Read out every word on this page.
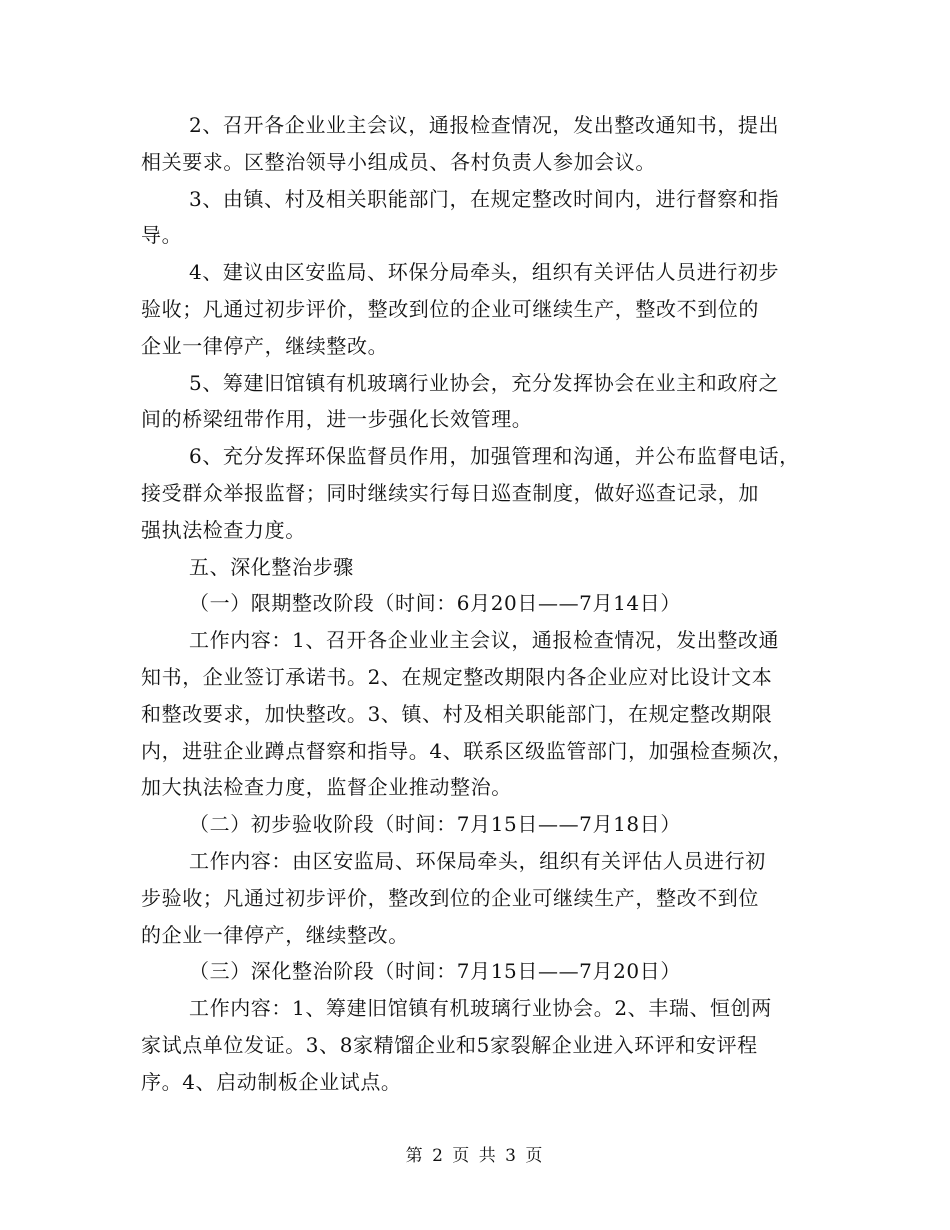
2、召开各企业业主会议，通报检查情况，发出整改通知书，提出
相关要求。区整治领导小组成员、各村负责人参加会议。
3、由镇、村及相关职能部门，在规定整改时间内，进行督察和指
导。
4、建议由区安监局、环保分局牵头，组织有关评估人员进行初步
验收；凡通过初步评价，整改到位的企业可继续生产，整改不到位的
企业一律停产，继续整改。
5、筹建旧馆镇有机玻璃行业协会，充分发挥协会在业主和政府之
间的桥梁纽带作用，进一步强化长效管理。
6、充分发挥环保监督员作用，加强管理和沟通，并公布监督电话，
接受群众举报监督；同时继续实行每日巡查制度，做好巡查记录，加
强执法检查力度。
五、深化整治步骤
（一）限期整改阶段（时间：6月20日——7月14日）
工作内容：1、召开各企业业主会议，通报检查情况，发出整改通
知书，企业签订承诺书。2、在规定整改期限内各企业应对比设计文本
和整改要求，加快整改。3、镇、村及相关职能部门，在规定整改期限
内，进驻企业蹲点督察和指导。4、联系区级监管部门，加强检查频次，
加大执法检查力度，监督企业推动整治。
（二）初步验收阶段（时间：7月15日——7月18日）
工作内容：由区安监局、环保局牵头，组织有关评估人员进行初
步验收；凡通过初步评价，整改到位的企业可继续生产，整改不到位
的企业一律停产，继续整改。
（三）深化整治阶段（时间：7月15日——7月20日）
工作内容：1、筹建旧馆镇有机玻璃行业协会。2、丰瑞、恒创两
家试点单位发证。3、8家精馏企业和5家裂解企业进入环评和安评程
序。4、启动制板企业试点。
第 2 页 共 3 页
